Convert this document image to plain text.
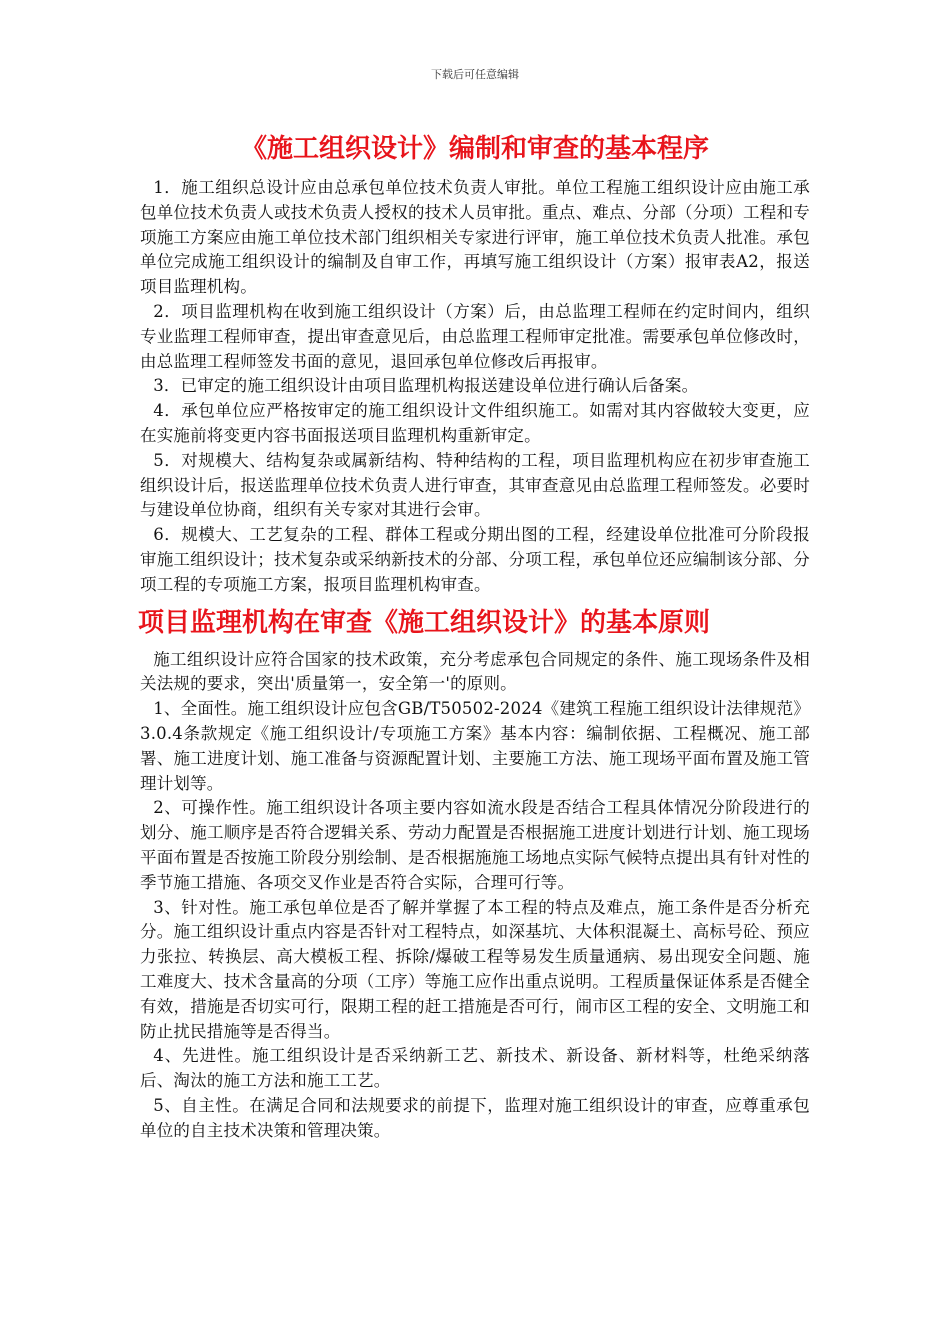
下载后可任意编辑
《施工组织设计》编制和审查的基本程序

1．施工组织总设计应由总承包单位技术负责人审批。单位工程施工组织设计应由施工承包单位技术负责人或技术负责人授权的技术人员审批。重点、难点、分部（分项）工程和专项施工方案应由施工单位技术部门组织相关专家进行评审，施工单位技术负责人批准。承包单位完成施工组织设计的编制及自审工作，再填写施工组织设计（方案）报审表A2，报送项目监理机构。

2．项目监理机构在收到施工组织设计（方案）后，由总监理工程师在约定时间内，组织专业监理工程师审查，提出审查意见后，由总监理工程师审定批准。需要承包单位修改时，由总监理工程师签发书面的意见，退回承包单位修改后再报审。

3．已审定的施工组织设计由项目监理机构报送建设单位进行确认后备案。

4．承包单位应严格按审定的施工组织设计文件组织施工。如需对其内容做较大变更，应在实施前将变更内容书面报送项目监理机构重新审定。

5．对规模大、结构复杂或属新结构、特种结构的工程，项目监理机构应在初步审查施工组织设计后，报送监理单位技术负责人进行审查，其审查意见由总监理工程师签发。必要时与建设单位协商，组织有关专家对其进行会审。

6．规模大、工艺复杂的工程、群体工程或分期出图的工程，经建设单位批准可分阶段报审施工组织设计；技术复杂或采纳新技术的分部、分项工程，承包单位还应编制该分部、分项工程的专项施工方案，报项目监理机构审查。

项目监理机构在审查《施工组织设计》的基本原则

施工组织设计应符合国家的技术政策，充分考虑承包合同规定的条件、施工现场条件及相关法规的要求，突出'质量第一，安全第一'的原则。

1、全面性。施工组织设计应包含GB/T50502-2024《建筑工程施工组织设计法律规范》3.0.4条款规定《施工组织设计/专项施工方案》基本内容：编制依据、工程概况、施工部署、施工进度计划、施工准备与资源配置计划、主要施工方法、施工现场平面布置及施工管理计划等。

2、可操作性。施工组织设计各项主要内容如流水段是否结合工程具体情况分阶段进行的划分、施工顺序是否符合逻辑关系、劳动力配置是否根据施工进度计划进行计划、施工现场平面布置是否按施工阶段分别绘制、是否根据施施工场地点实际气候特点提出具有针对性的季节施工措施、各项交叉作业是否符合实际，合理可行等。

3、针对性。施工承包单位是否了解并掌握了本工程的特点及难点，施工条件是否分析充分。施工组织设计重点内容是否针对工程特点，如深基坑、大体积混凝土、高标号砼、预应力张拉、转换层、高大模板工程、拆除/爆破工程等易发生质量通病、易出现安全问题、施工难度大、技术含量高的分项（工序）等施工应作出重点说明。工程质量保证体系是否健全有效，措施是否切实可行，限期工程的赶工措施是否可行，闹市区工程的安全、文明施工和防止扰民措施等是否得当。

4、先进性。施工组织设计是否采纳新工艺、新技术、新设备、新材料等，杜绝采纳落后、淘汰的施工方法和施工工艺。

5、自主性。在满足合同和法规要求的前提下，监理对施工组织设计的审查，应尊重承包单位的自主技术决策和管理决策。
